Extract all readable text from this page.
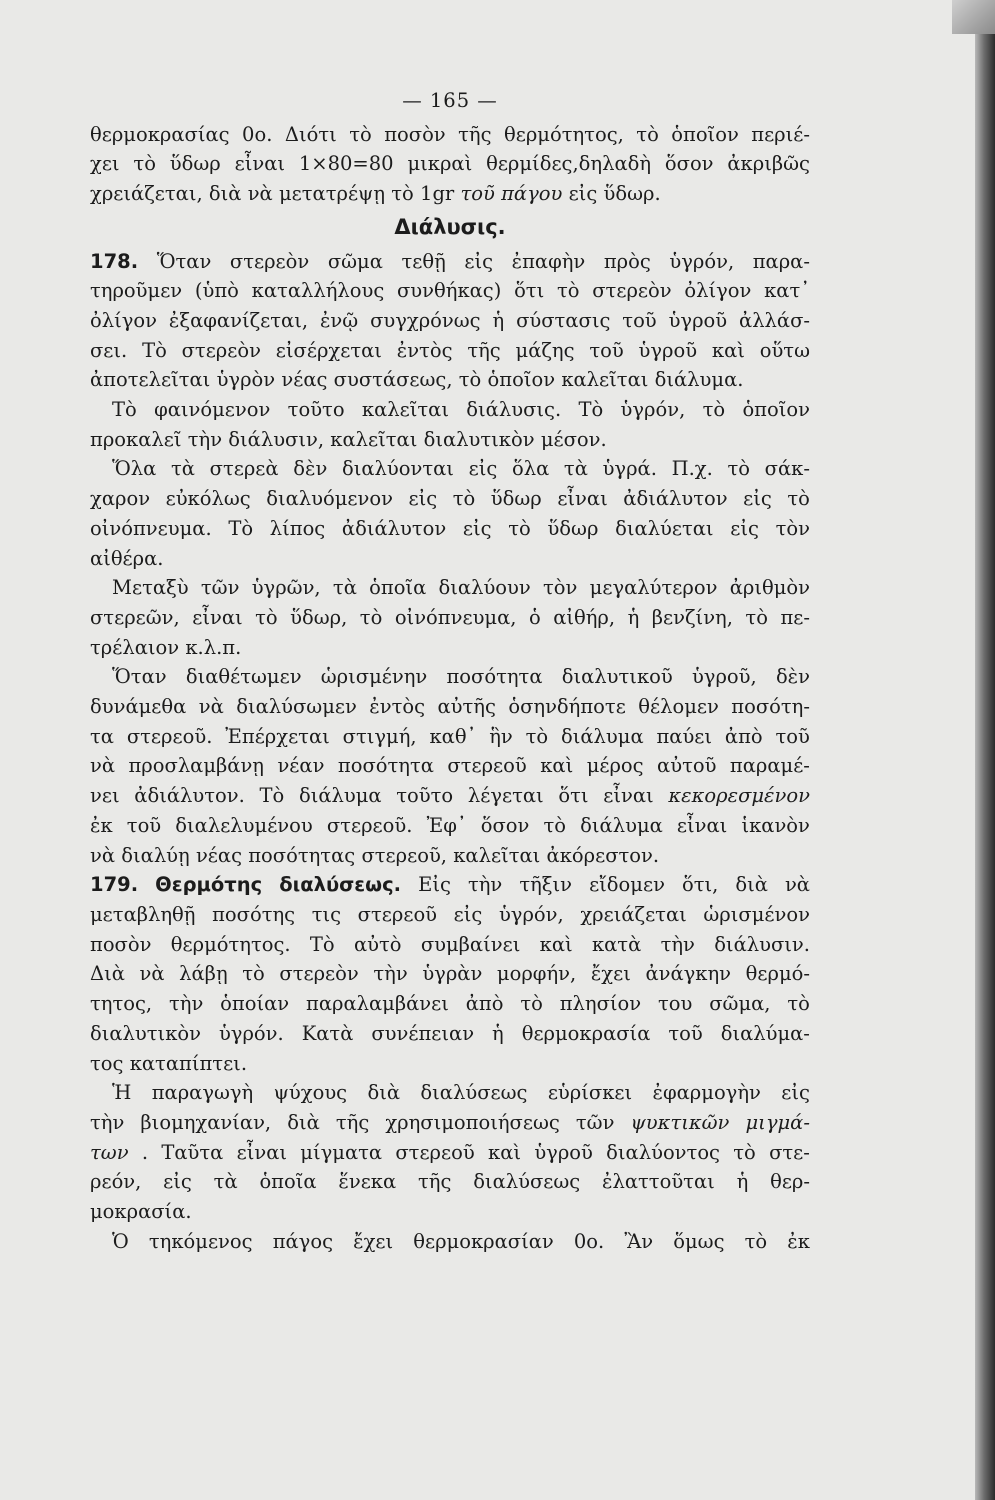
— 165 —
θερμοκρασίας 0ο. Διότι τὸ ποσὸν τῆς θερμότητος, τὸ ὁποῖον περιέ-
χει τὸ ὕδωρ εἶναι 1×80=80 μικραὶ θερμίδες,δηλαδὴ ὅσον ἀκριβῶς
χρειάζεται, διὰ νὰ μετατρέψῃ τὸ 1gr τοῦ πάγου εἰς ὕδωρ.
Διάλυσις.
178. Ὅταν στερεὸν σῶμα τεθῇ εἰς ἐπαφὴν πρὸς ὑγρόν, παρα-
τηροῦμεν (ὑπὸ καταλλήλους συνθήκας) ὅτι τὸ στερεὸν ὀλίγον κατ᾽
ὀλίγον ἐξαφανίζεται, ἐνῷ συγχρόνως ἡ σύστασις τοῦ ὑγροῦ ἀλλάσ-
σει. Τὸ στερεὸν εἰσέρχεται ἐντὸς τῆς μάζης τοῦ ὑγροῦ καὶ οὕτω
ἀποτελεῖται ὑγρὸν νέας συστάσεως, τὸ ὁποῖον καλεῖται διάλυμα.
Τὸ φαινόμενον τοῦτο καλεῖται διάλυσις. Τὸ ὑγρόν, τὸ ὁποῖον
προκαλεῖ τὴν διάλυσιν, καλεῖται διαλυτικὸν μέσον.
Ὅλα τὰ στερεὰ δὲν διαλύονται εἰς ὅλα τὰ ὑγρά. Π.χ. τὸ σάκ-
χαρον εὐκόλως διαλυόμενον εἰς τὸ ὕδωρ εἶναι ἀδιάλυτον εἰς τὸ
οἰνόπνευμα. Τὸ λίπος ἀδιάλυτον εἰς τὸ ὕδωρ διαλύεται εἰς τὸν
αἰθέρα.
Μεταξὺ τῶν ὑγρῶν, τὰ ὁποῖα διαλύουν τὸν μεγαλύτερον ἀριθμὸν
στερεῶν, εἶναι τὸ ὕδωρ, τὸ οἰνόπνευμα, ὁ αἰθήρ, ἡ βενζίνη, τὸ πε-
τρέλαιον κ.λ.π.
Ὅταν διαθέτωμεν ὡρισμένην ποσότητα διαλυτικοῦ ὑγροῦ, δὲν
δυνάμεθα νὰ διαλύσωμεν ἐντὸς αὐτῆς ὁσηνδήποτε θέλομεν ποσότη-
τα στερεοῦ. Ἐπέρχεται στιγμή, καθ᾽ ἣν τὸ διάλυμα παύει ἀπὸ τοῦ
νὰ προσλαμβάνῃ νέαν ποσότητα στερεοῦ καὶ μέρος αὐτοῦ παραμέ-
νει ἀδιάλυτον. Τὸ διάλυμα τοῦτο λέγεται ὅτι εἶναι κεκορεσμένον
ἐκ τοῦ διαλελυμένου στερεοῦ. Ἐφ᾽ ὅσον τὸ διάλυμα εἶναι ἱκανὸν
νὰ διαλύῃ νέας ποσότητας στερεοῦ, καλεῖται ἀκόρεστον.
179. Θερμότης διαλύσεως. Εἰς τὴν τῆξιν εἴδομεν ὅτι, διὰ νὰ
μεταβληθῇ ποσότης τις στερεοῦ εἰς ὑγρόν, χρειάζεται ὡρισμένον
ποσὸν θερμότητος. Τὸ αὐτὸ συμβαίνει καὶ κατὰ τὴν διάλυσιν.
Διὰ νὰ λάβῃ τὸ στερεὸν τὴν ὑγρὰν μορφήν, ἔχει ἀνάγκην θερμό-
τητος, τὴν ὁποίαν παραλαμβάνει ἀπὸ τὸ πλησίον του σῶμα, τὸ
διαλυτικὸν ὑγρόν. Κατὰ συνέπειαν ἡ θερμοκρασία τοῦ διαλύμα-
τος καταπίπτει.
Ἡ παραγωγὴ ψύχους διὰ διαλύσεως εὑρίσκει ἐφαρμογὴν εἰς
τὴν βιομηχανίαν, διὰ τῆς χρησιμοποιήσεως τῶν ψυκτικῶν μιγμά-
των . Ταῦτα εἶναι μίγματα στερεοῦ καὶ ὑγροῦ διαλύοντος τὸ στε-
ρεόν, εἰς τὰ ὁποῖα ἕνεκα τῆς διαλύσεως ἐλαττοῦται ἡ θερ-
μοκρασία.
Ὁ τηκόμενος πάγος ἔχει θερμοκρασίαν 0ο. Ἂν ὅμως τὸ ἐκ
